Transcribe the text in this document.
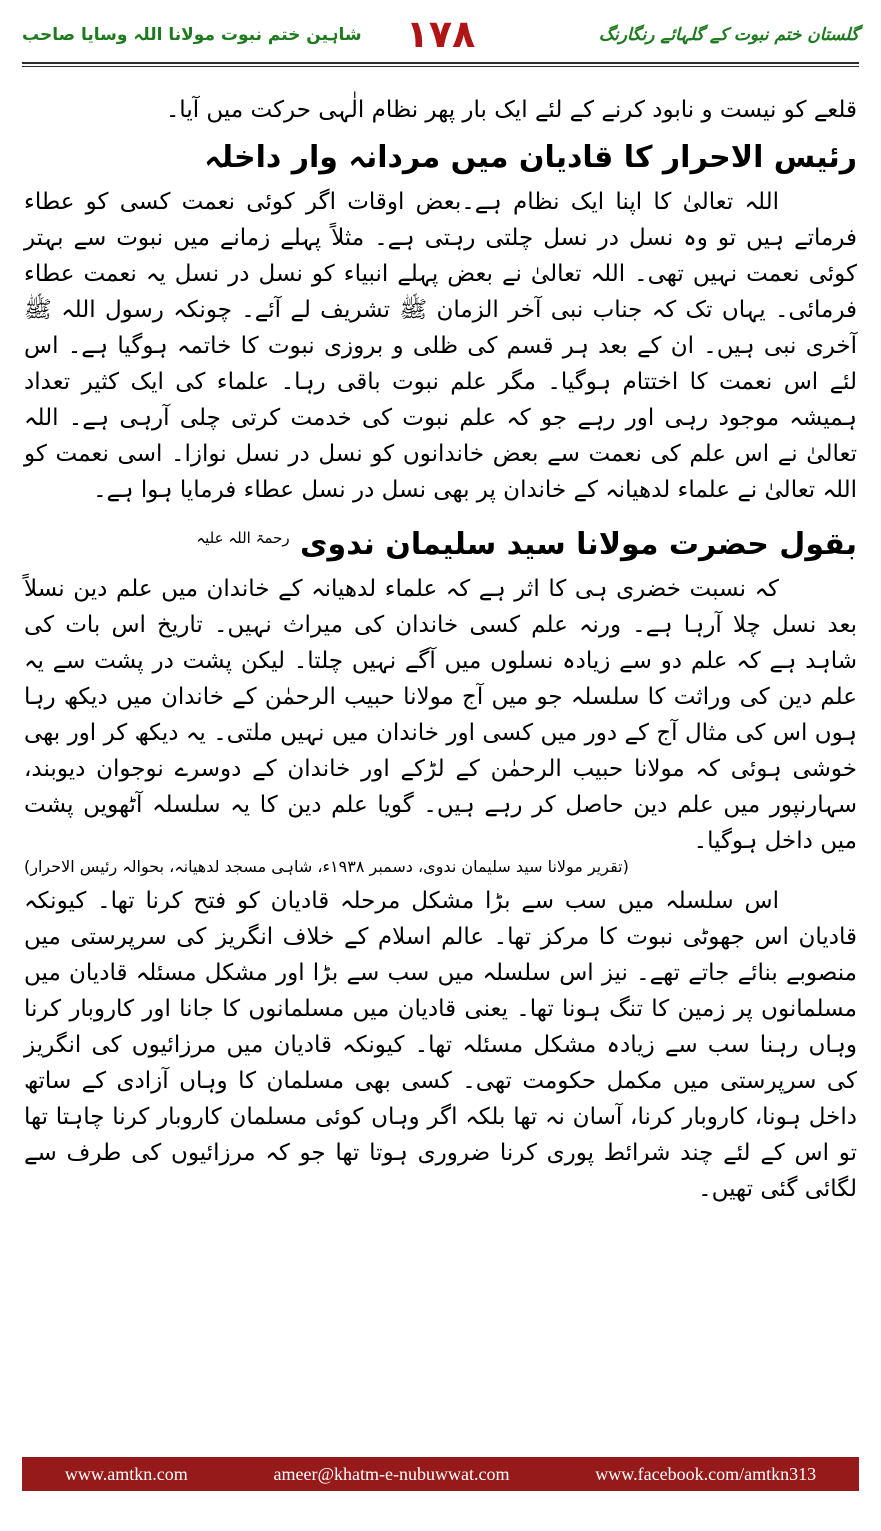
شاہین ختم نبوت مولانا اللہ وسایا صاحب ۱۷۸	گلستان ختم نبوت کے گلہائے رنگارنگ

قلعے کو نیست و نابود کرنے کے لئے ایک بار پھر نظام الٰہی حرکت میں آیا۔

رئیس الاحرار کا قادیان میں مردانہ وار داخلہ

اللہ تعالیٰ کا اپنا ایک نظام ہے۔بعض اوقات اگر کوئی نعمت کسی کو عطاء فرماتے ہیں تو وہ نسل در نسل چلتی رہتی ہے۔ مثلاً پہلے زمانے میں نبوت سے بہتر کوئی نعمت نہیں تھی۔ اللہ تعالیٰ نے بعض پہلے انبیاء کو نسل در نسل یہ نعمت عطاء فرمائی۔ یہاں تک کہ جناب نبی آخر الزمان ﷺ تشریف لے آئے۔ چونکہ رسول اللہ ﷺ آخری نبی ہیں۔ ان کے بعد ہر قسم کی ظلی و بروزی نبوت کا خاتمہ ہوگیا ہے۔ اس لئے اس نعمت کا اختتام ہوگیا۔ مگر علم نبوت باقی رہا۔ علماء کی ایک کثیر تعداد ہمیشہ موجود رہی اور رہے جو کہ علم نبوت کی خدمت کرتی چلی آرہی ہے۔ اللہ تعالیٰ نے اس علم کی نعمت سے بعض خاندانوں کو نسل در نسل نوازا۔ اسی نعمت کو اللہ تعالیٰ نے علماء لدھیانہ کے خاندان پر بھی نسل در نسل عطاء فرمایا ہوا ہے۔

بقول حضرت مولانا سید سلیمان ندوی $^{رحمۃ اللہ علیہ}$

کہ نسبت خضری ہی کا اثر ہے کہ علماء لدھیانہ کے خاندان میں علم دین نسلاً بعد نسل چلا آرہا ہے۔ ورنہ علم کسی خاندان کی میراث نہیں۔ تاریخ اس بات کی شاہد ہے کہ علم دو سے زیادہ نسلوں میں آگے نہیں چلتا۔ لیکن پشت در پشت سے یہ علم دین کی وراثت کا سلسلہ جو میں آج مولانا حبیب الرحمٰن کے خاندان میں دیکھ رہا ہوں اس کی مثال آج کے دور میں کسی اور خاندان میں نہیں ملتی۔ یہ دیکھ کر اور بھی خوشی ہوئی کہ مولانا حبیب الرحمٰن کے لڑکے اور خاندان کے دوسرے نوجوان دیوبند، سہارنپور میں علم دین حاصل کر رہے ہیں۔ گویا علم دین کا یہ سلسلہ آٹھویں پشت میں داخل ہوگیا۔

(تقریر مولانا سید سلیمان ندوی، دسمبر ۱۹۳۸ء، شاہی مسجد لدھیانہ، بحوالہ رئیس الاحرار)

اس سلسلہ میں سب سے بڑا مشکل مرحلہ قادیان کو فتح کرنا تھا۔ کیونکہ قادیان اس جھوٹی نبوت کا مرکز تھا۔ عالم اسلام کے خلاف انگریز کی سرپرستی میں منصوبے بنائے جاتے تھے۔ نیز اس سلسلہ میں سب سے بڑا اور مشکل مسئلہ قادیان میں مسلمانوں پر زمین کا تنگ ہونا تھا۔ یعنی قادیان میں مسلمانوں کا جانا اور کاروبار کرنا وہاں رہنا سب سے زیادہ مشکل مسئلہ تھا۔ کیونکہ قادیان میں مرزائیوں کی انگریز کی سرپرستی میں مکمل حکومت تھی۔ کسی بھی مسلمان کا وہاں آزادی کے ساتھ داخل ہونا، کاروبار کرنا، آسان نہ تھا بلکہ اگر وہاں کوئی مسلمان کاروبار کرنا چاہتا تھا تو اس کے لئے چند شرائط پوری کرنا ضروری ہوتا تھا جو کہ مرزائیوں کی طرف سے لگائی گئی تھیں۔

www.amtkn.com	ameer@khatm-e-nubuwwat.com	www.facebook.com/amtkn313
